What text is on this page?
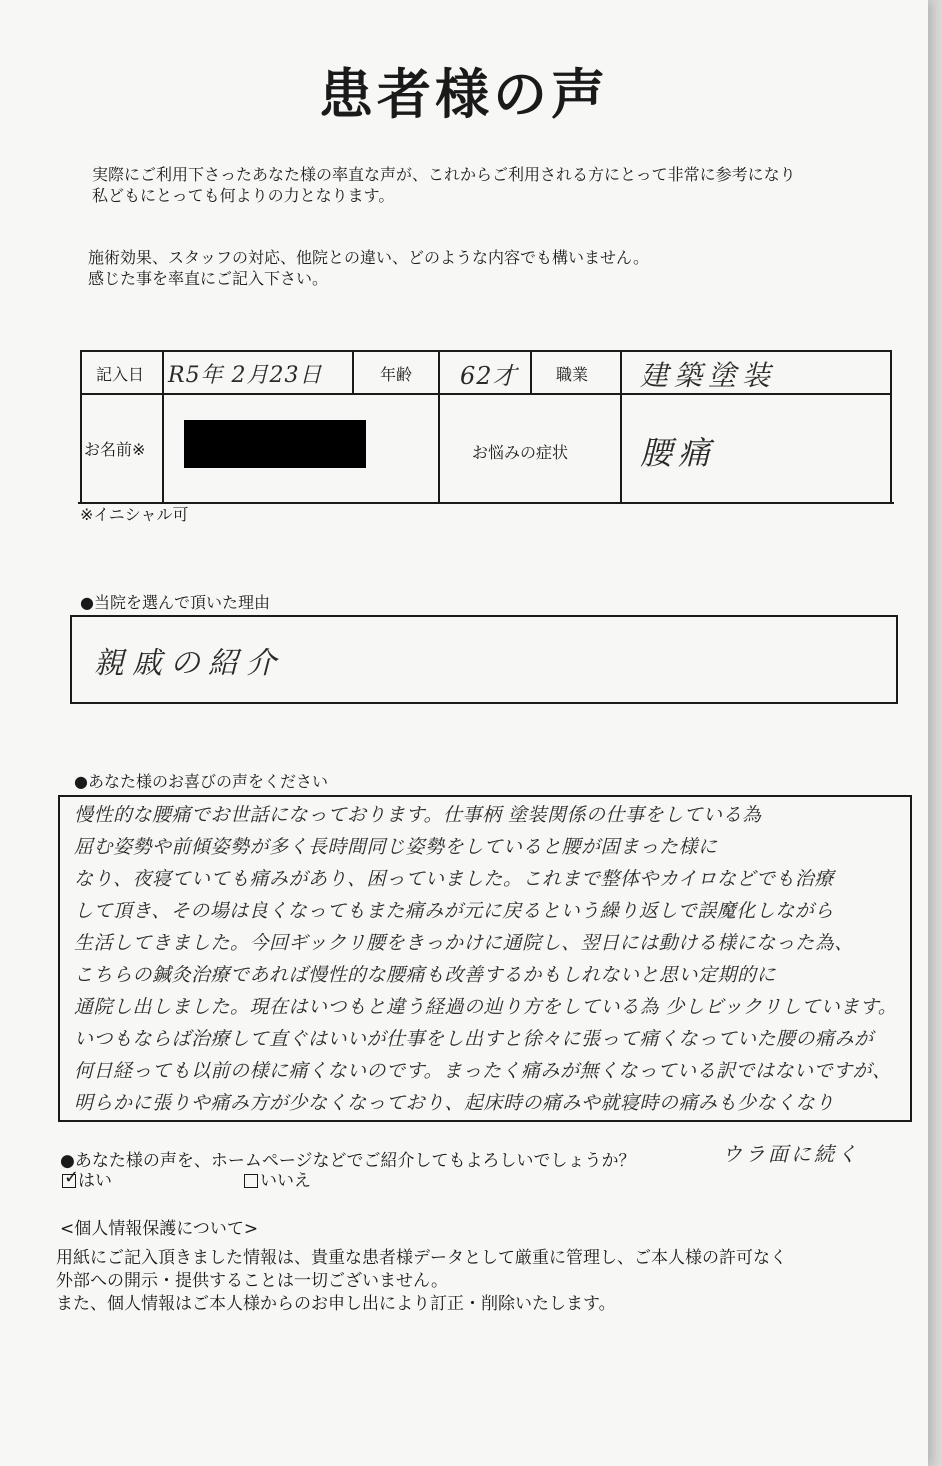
患者様の声
実際にご利用下さったあなた様の率直な声が、これからご利用される方にとって非常に参考になり
私どもにとっても何よりの力となります。
施術効果、スタッフの対応、他院との違い、どのような内容でも構いません。
感じた事を率直にご記入下さい。
記入日 R5年 2月23日	年齢 62才 職業 建築塗装
お名前※	お悩みの症状 腰痛
※イニシャル可
●当院を選んで頂いた理由
親戚の紹介
●あなた様のお喜びの声をください
慢性的な腰痛でお世話になっております。仕事柄 塗装関係の仕事をしている為
屈む姿勢や前傾姿勢が多く長時間同じ姿勢をしていると腰が固まった様に
なり、夜寝ていても痛みがあり、困っていました。これまで整体やカイロなどでも治療
して頂き、その場は良くなってもまた痛みが元に戻るという繰り返しで誤魔化しながら
生活してきました。今回ギックリ腰をきっかけに通院し、翌日には動ける様になった為、
こちらの鍼灸治療であれば慢性的な腰痛も改善するかもしれないと思い定期的に
通院し出しました。現在はいつもと違う経過の辿り方をしている為 少しビックリしています。
いつもならば治療して直ぐはいいが仕事をし出すと徐々に張って痛くなっていた腰の痛みが
何日経っても以前の様に痛くないのです。まったく痛みが無くなっている訳ではないですが、
明らかに張りや痛み方が少なくなっており、起床時の痛みや就寝時の痛みも少なくなり
●あなた様の声を、ホームページなどでご紹介してもよろしいでしょうか？	ウラ面に続く
✓
はい	いいえ
<個人情報保護について>
用紙にご記入頂きました情報は、貴重な患者様データとして厳重に管理し、ご本人様の許可なく
外部への開示・提供することは一切ございません。
また、個人情報はご本人様からのお申し出により訂正・削除いたします。
